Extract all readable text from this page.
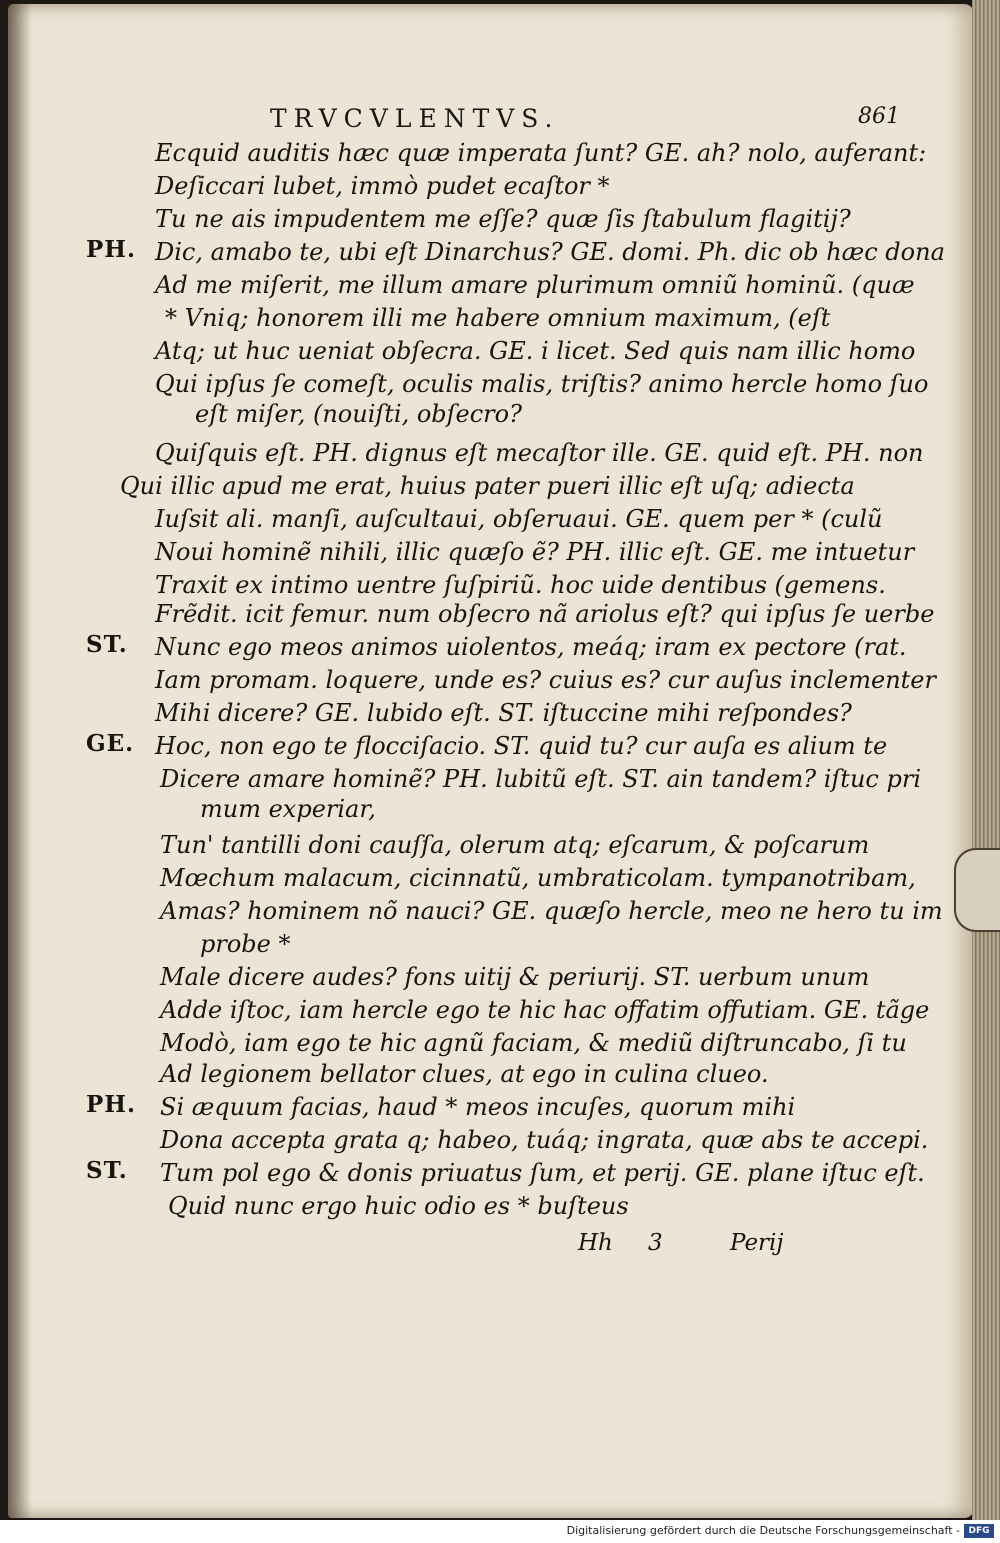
TRVCVLENTVS.	861
PH.
ST.
GE.
PH.
ST.
Ecquid auditis hæc quæ imperata ſunt? GE. ah? nolo, auferant:
Deſiccari lubet, immò pudet ecaſtor *
Tu ne ais impudentem me eſſe? quæ ſis ſtabulum flagitij?
Dic, amabo te, ubi eſt Dinarchus? GE. domi. Ph. dic ob hæc dona
Ad me miſerit, me illum amare plurimum omniũ hominũ. (quæ
* Vniq; honorem illi me habere omnium maximum, (eſt
Atq; ut huc ueniat obſecra. GE. i licet. Sed quis nam illic homo
Qui ipſus ſe comeſt, oculis malis, triſtis? animo hercle homo ſuo
eſt miſer, (nouiſti, obſecro?
Quiſquis eſt. PH. dignus eſt mecaſtor ille. GE. quid eſt. PH. non
Qui illic apud me erat, huius pater pueri illic eſt uſq; adiecta
Iuſsit ali. manſi, auſcultaui, obſeruaui. GE. quem per * (culũ
Noui hominẽ nihili, illic quæſo ẽ? PH. illic eſt. GE. me intuetur
Traxit ex intimo uentre ſuſpiriũ. hoc uide dentibus (gemens.
Frẽdit. icit femur. num obſecro nã ariolus eſt? qui ipſus ſe uerbe
Nunc ego meos animos uiolentos, meáq; iram ex pectore (rat.
Iam promam. loquere, unde es? cuius es? cur auſus inclementer
Mihi dicere? GE. lubido eſt. ST. iſtuccine mihi reſpondes?
Hoc, non ego te flocciſacio. ST. quid tu? cur auſa es alium te
Dicere amare hominẽ? PH. lubitũ eſt. ST. ain tandem? iſtuc pri
mum experiar,
Tun' tantilli doni cauſſa, olerum atq; eſcarum, & poſcarum
Mœchum malacum, cicinnatũ, umbraticolam. tympanotribam,
Amas? hominem nõ nauci? GE. quæſo hercle, meo ne hero tu im
probe *
Male dicere audes? fons uitij & periurij. ST. uerbum unum
Adde iſtoc, iam hercle ego te hic hac offatim offutiam. GE. tãge
Modò, iam ego te hic agnũ faciam, & mediũ diſtruncabo, ſi tu
Ad legionem bellator clues, at ego in culina clueo.
Si æquum facias, haud * meos incuſes, quorum mihi
Dona accepta grata q; habeo, tuáq; ingrata, quæ abs te accepi.
Tum pol ego & donis priuatus ſum, et perij. GE. plane iſtuc eſt.
Quid nunc ergo huic odio es * buſteus
Hh 3	Perij
Digitalisierung gefördert durch die Deutsche Forschungsgemeinschaft - DFG
